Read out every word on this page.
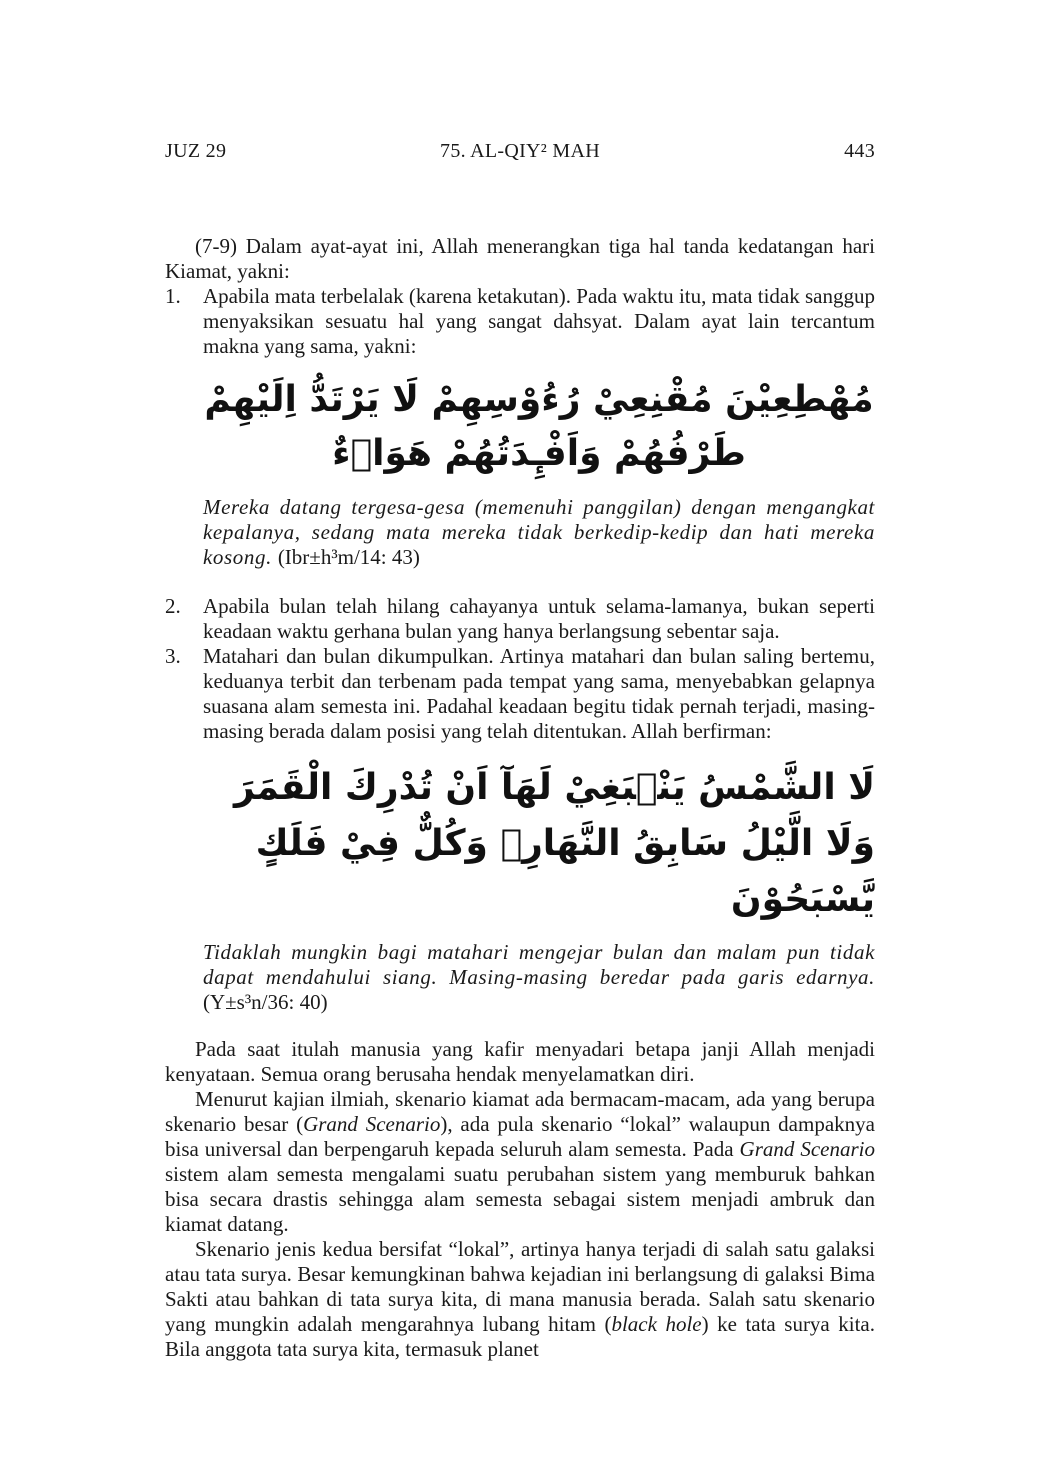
JUZ 29	75. AL-QIY² MAH	443

(7-9) Dalam ayat-ayat ini, Allah menerangkan tiga hal tanda kedatangan hari Kiamat, yakni:

1.	Apabila mata terbelalak (karena ketakutan). Pada waktu itu, mata tidak sanggup menyaksikan sesuatu hal yang sangat dahsyat. Dalam ayat lain tercantum makna yang sama, yakni:

مُهْطِعِيْنَ مُقْنِعِيْ رُءُوْسِهِمْ لَا يَرْتَدُّ اِلَيْهِمْ طَرْفُهُمْ وَاَفْـِٕدَتُهُمْ هَوَاۤءٌ

Mereka datang tergesa-gesa (memenuhi panggilan) dengan mengangkat kepalanya, sedang mata mereka tidak berkedip-kedip dan hati mereka kosong. (Ibr±h³m/14: 43)

2.	Apabila bulan telah hilang cahayanya untuk selama-lamanya, bukan seperti keadaan waktu gerhana bulan yang hanya berlangsung sebentar saja.

3.	Matahari dan bulan dikumpulkan. Artinya matahari dan bulan saling bertemu, keduanya terbit dan terbenam pada tempat yang sama, menyebabkan gelapnya suasana alam semesta ini. Padahal keadaan begitu tidak pernah terjadi, masing-masing berada dalam posisi yang telah ditentukan. Allah berfirman:

لَا الشَّمْسُ يَنْۢبَغِيْ لَهَآ اَنْ تُدْرِكَ الْقَمَرَ وَلَا الَّيْلُ سَابِقُ النَّهَارِۗ وَكُلٌّ فِيْ فَلَكٍ يَّسْبَحُوْنَ

Tidaklah mungkin bagi matahari mengejar bulan dan malam pun tidak dapat mendahului siang. Masing-masing beredar pada garis edarnya. (Y±s³n/36: 40)

Pada saat itulah manusia yang kafir menyadari betapa janji Allah menjadi kenyataan. Semua orang berusaha hendak menyelamatkan diri.

Menurut kajian ilmiah, skenario kiamat ada bermacam-macam, ada yang berupa skenario besar (Grand Scenario), ada pula skenario “lokal” walaupun dampaknya bisa universal dan berpengaruh kepada seluruh alam semesta. Pada Grand Scenario sistem alam semesta mengalami suatu perubahan sistem yang memburuk bahkan bisa secara drastis sehingga alam semesta sebagai sistem menjadi ambruk dan kiamat datang.

Skenario jenis kedua bersifat “lokal”, artinya hanya terjadi di salah satu galaksi atau tata surya. Besar kemungkinan bahwa kejadian ini berlangsung di galaksi Bima Sakti atau bahkan di tata surya kita, di mana manusia berada. Salah satu skenario yang mungkin adalah mengarahnya lubang hitam (black hole) ke tata surya kita. Bila anggota tata surya kita, termasuk planet
